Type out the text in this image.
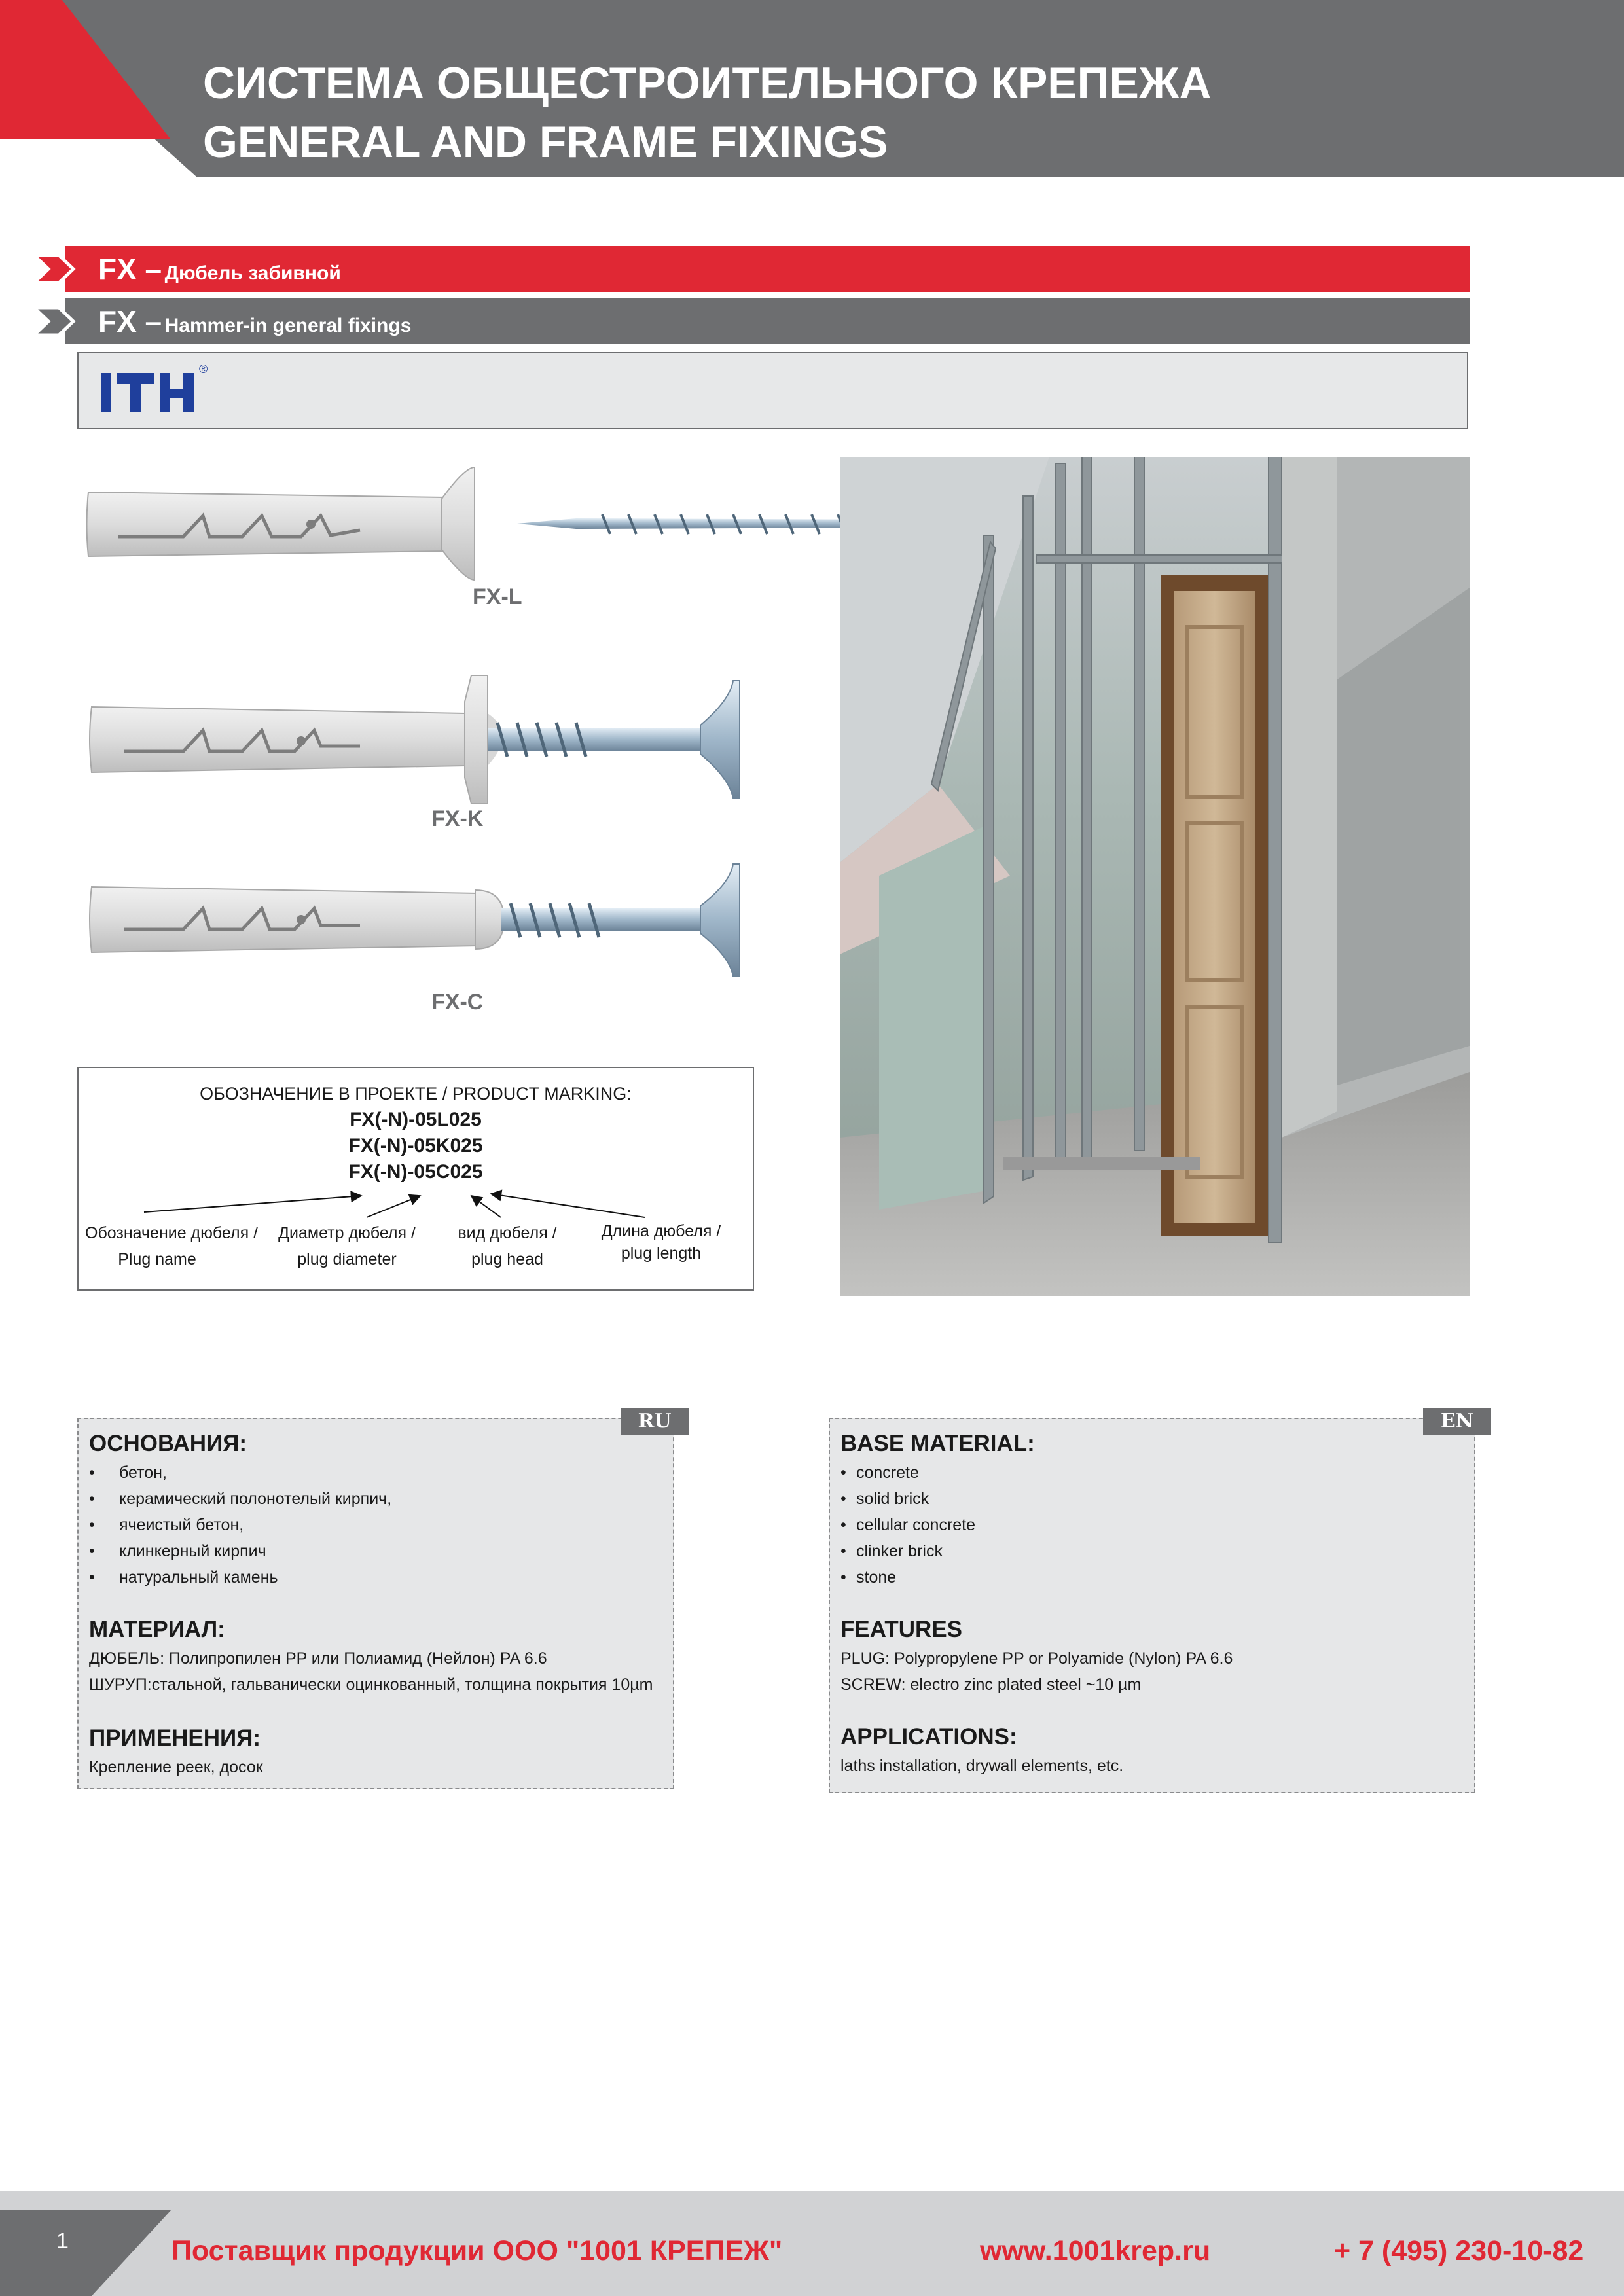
СИСТЕМА ОБЩЕСТРОИТЕЛЬНОГО КРЕПЕЖА
GENERAL AND FRAME FIXINGS
FX – Дюбель забивной
FX – Hammer-in general fixings
®
FX-L
FX-K
FX-C
ОБОЗНАЧЕНИЕ В ПРОЕКТЕ / PRODUCT MARKING:
FX(-N)-05L025
FX(-N)-05K025
FX(-N)-05C025
Обозначение дюбеля /
Plug name
Диаметр дюбеля /
plug diameter
вид дюбеля /
plug head
Длина дюбеля /
plug length
RU
ОСНОВАНИЯ:
• бетон,
• керамический полонотелый кирпич,
• ячеистый бетон,
• клинкерный кирпич
• натуральный камень
МАТЕРИАЛ:
ДЮБЕЛЬ: Полипропилен PP или Полиамид (Нейлон) PA 6.6
ШУРУП:стальной, гальванически оцинкованный, толщина покрытия 10µm
ПРИМЕНЕНИЯ:
Крепление реек, досок
EN
BASE MATERIAL:
• concrete
• solid brick
• cellular concrete
• clinker brick
• stone
FEATURES
PLUG: Polypropylene PP or Polyamide (Nylon) PA 6.6
SCREW: electro zinc plated steel ~10 µm
APPLICATIONS:
laths installation, drywall elements, etc.
1	Поставщик продукции ООО "1001 КРЕПЕЖ"	www.1001krep.ru	+ 7 (495) 230-10-82
